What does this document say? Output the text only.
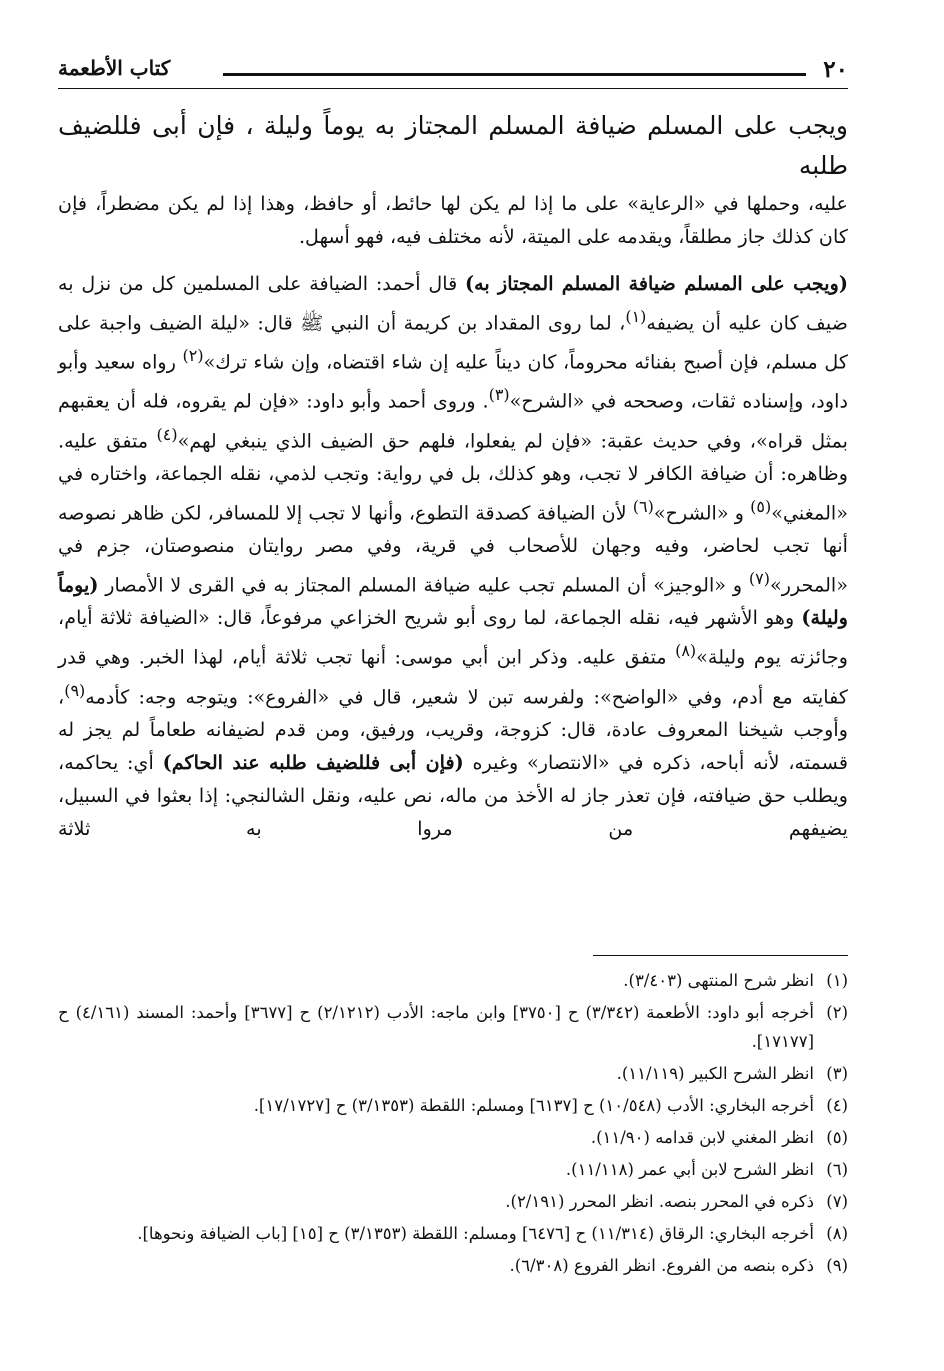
٢٠
كتاب الأطعمة
ويجب على المسلم ضيافة المسلم المجتاز به يوماً وليلة ، فإن أبى فللضيف طلبه

عليه، وحملها في «الرعاية» على ما إذا لم يكن لها حائط، أو حافظ، وهذا إذا لم يكن مضطراً، فإن كان كذلك جاز مطلقاً، ويقدمه على الميتة، لأنه مختلف فيه، فهو أسهل.

(ويجب على المسلم ضيافة المسلم المجتاز به) قال أحمد: الضيافة على المسلمين كل من نزل به ضيف كان عليه أن يضيفه$^{(١)}$، لما روى المقداد بن كريمة أن النبي ﷺ قال: «ليلة الضيف واجبة على كل مسلم، فإن أصبح بفنائه محروماً، كان ديناً عليه إن شاء اقتضاه، وإن شاء ترك»$^{(٢)}$ رواه سعيد وأبو داود، وإسناده ثقات، وصححه في «الشرح»$^{(٣)}$. وروى أحمد وأبو داود: «فإن لم يقروه، فله أن يعقبهم بمثل قراه»، وفي حديث عقبة: «فإن لم يفعلوا، فلهم حق الضيف الذي ينبغي لهم»$^{(٤)}$ متفق عليه.

وظاهره: أن ضيافة الكافر لا تجب، وهو كذلك، بل في رواية: وتجب لذمي، نقله الجماعة، واختاره في «المغني»$^{(٥)}$ و «الشرح»$^{(٦)}$ لأن الضيافة كصدقة التطوع، وأنها لا تجب إلا للمسافر، لكن ظاهر نصوصه أنها تجب لحاضر، وفيه وجهان للأصحاب في قرية، وفي مصر روايتان منصوصتان، جزم في «المحرر»$^{(٧)}$ و «الوجيز» أن المسلم تجب عليه ضيافة المسلم المجتاز به في القرى لا الأمصار (يوماً وليلة) وهو الأشهر فيه، نقله الجماعة، لما روى أبو شريح الخزاعي مرفوعاً، قال: «الضيافة ثلاثة أيام، وجائزته يوم وليلة»$^{(٨)}$ متفق عليه. وذكر ابن أبي موسى: أنها تجب ثلاثة أيام، لهذا الخبر. وهي قدر كفايته مع أدم، وفي «الواضح»: ولفرسه تبن لا شعير، قال في «الفروع»: ويتوجه وجه: كأدمه$^{(٩)}$، وأوجب شيخنا المعروف عادة، قال: كزوجة، وقريب، ورفيق، ومن قدم لضيفانه طعاماً لم يجز له قسمته، لأنه أباحه، ذكره في «الانتصار» وغيره (فإن أبى فللضيف طلبه عند الحاكم) أي: يحاكمه، ويطلب حق ضيافته، فإن تعذر جاز له الأخذ من ماله، نص عليه، ونقل الشالنجي: إذا بعثوا في السبيل، يضيفهم من مروا به ثلاثة

(١)
انظر شرح المنتهى (٣/٤٠٣).
(٢)
أخرجه أبو داود: الأطعمة (٣/٣٤٢) ح [٣٧٥٠] وابن ماجه: الأدب (٢/١٢١٢) ح [٣٦٧٧] وأحمد: المسند (٤/١٦١) ح [١٧١٧٧].
(٣)
انظر الشرح الكبير (١١/١١٩).
(٤)
أخرجه البخاري: الأدب (١٠/٥٤٨) ح [٦١٣٧] ومسلم: اللقطة (٣/١٣٥٣) ح [١٧/١٧٢٧].
(٥)
انظر المغني لابن قدامه (١١/٩٠).
(٦)
انظر الشرح لابن أبي عمر (١١/١١٨).
(٧)
ذكره في المحرر بنصه. انظر المحرر (٢/١٩١).
(٨)
أخرجه البخاري: الرقاق (١١/٣١٤) ح [٦٤٧٦] ومسلم: اللقطة (٣/١٣٥٣) ح [١٥] [باب الضيافة ونحوها].
(٩)
ذكره بنصه من الفروع. انظر الفروع (٦/٣٠٨).
